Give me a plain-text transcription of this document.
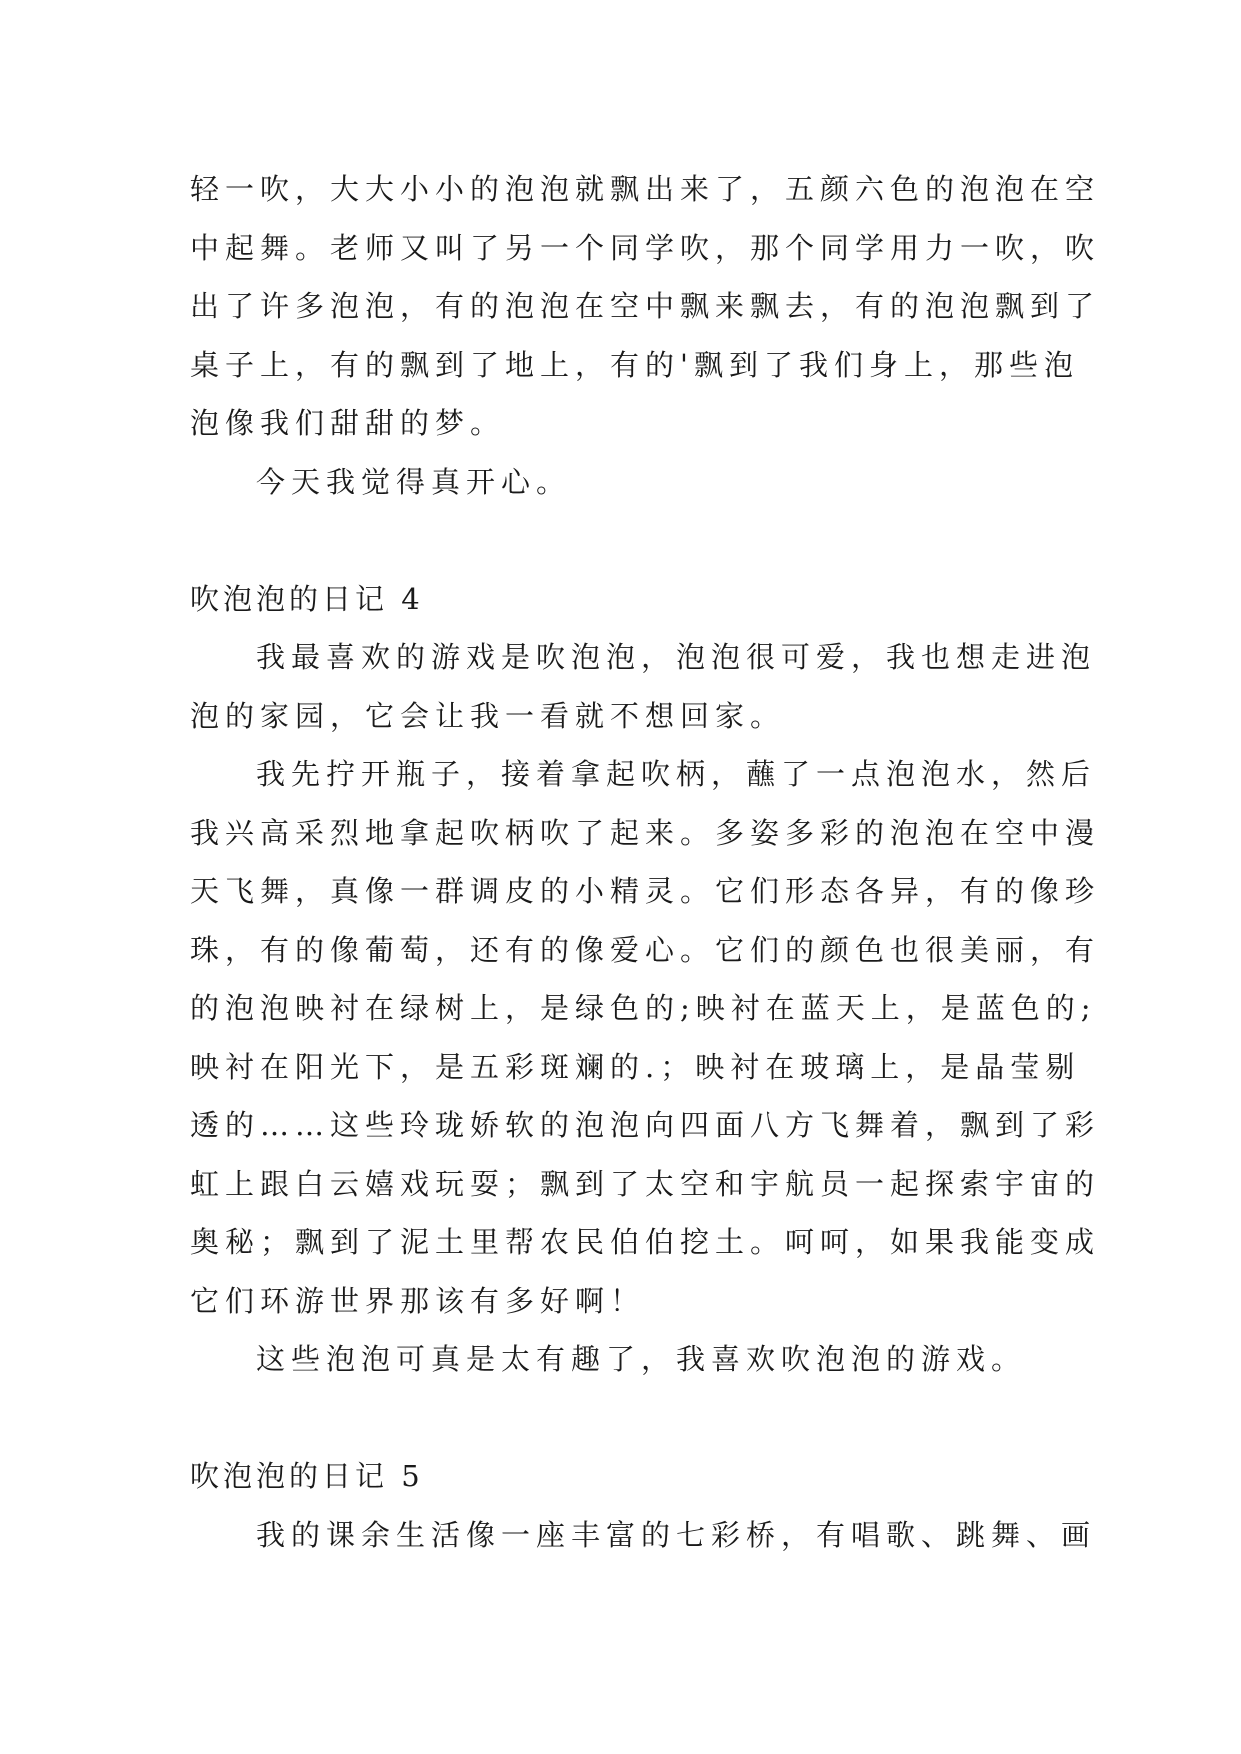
轻一吹，大大小小的泡泡就飘出来了，五颜六色的泡泡在空
中起舞。老师又叫了另一个同学吹，那个同学用力一吹，吹
出了许多泡泡，有的泡泡在空中飘来飘去，有的泡泡飘到了
桌子上，有的飘到了地上，有的'飘到了我们身上，那些泡
泡像我们甜甜的梦。
今天我觉得真开心。
吹泡泡的日记 4
我最喜欢的游戏是吹泡泡，泡泡很可爱，我也想走进泡
泡的家园，它会让我一看就不想回家。
我先拧开瓶子，接着拿起吹柄，蘸了一点泡泡水，然后
我兴高采烈地拿起吹柄吹了起来。多姿多彩的泡泡在空中漫
天飞舞，真像一群调皮的小精灵。它们形态各异，有的像珍
珠，有的像葡萄，还有的像爱心。它们的颜色也很美丽，有
的泡泡映衬在绿树上，是绿色的;映衬在蓝天上，是蓝色的;
映衬在阳光下，是五彩斑斓的.；映衬在玻璃上，是晶莹剔
透的……这些玲珑娇软的泡泡向四面八方飞舞着，飘到了彩
虹上跟白云嬉戏玩耍；飘到了太空和宇航员一起探索宇宙的
奥秘；飘到了泥土里帮农民伯伯挖土。呵呵，如果我能变成
它们环游世界那该有多好啊！
这些泡泡可真是太有趣了，我喜欢吹泡泡的游戏。
吹泡泡的日记 5
我的课余生活像一座丰富的七彩桥，有唱歌、跳舞、画
